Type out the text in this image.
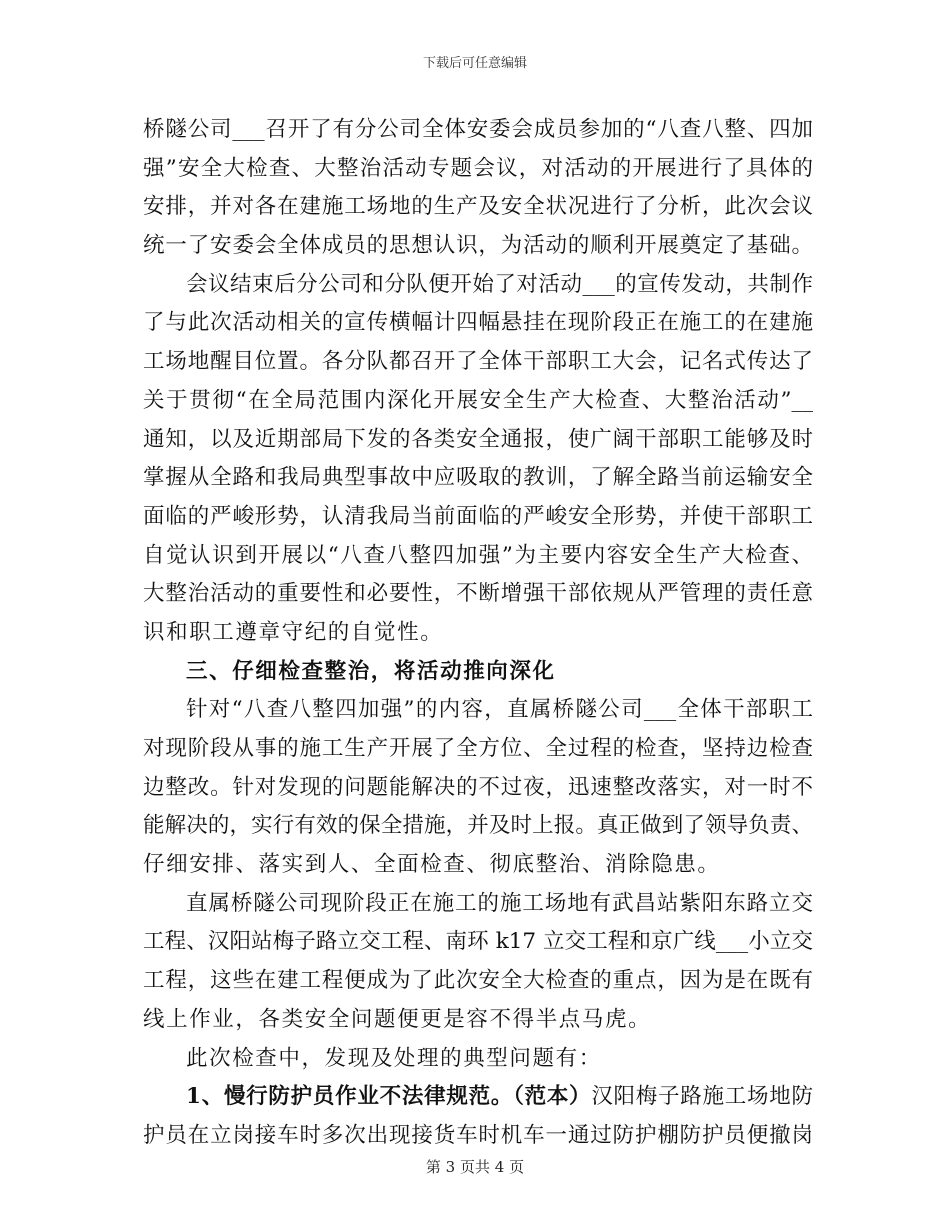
下载后可任意编辑
桥隧公司___召开了有分公司全体安委会成员参加的“八查八整、四加
强”安全大检查、大整治活动专题会议，对活动的开展进行了具体的
安排，并对各在建施工场地的生产及安全状况进行了分析，此次会议
统一了安委会全体成员的思想认识，为活动的顺利开展奠定了基础。
会议结束后分公司和分队便开始了对活动___的宣传发动，共制作
了与此次活动相关的宣传横幅计四幅悬挂在现阶段正在施工的在建施
工场地醒目位置。各分队都召开了全体干部职工大会，记名式传达了
关于贯彻“在全局范围内深化开展安全生产大检查、大整治活动”__
通知，以及近期部局下发的各类安全通报，使广阔干部职工能够及时
掌握从全路和我局典型事故中应吸取的教训，了解全路当前运输安全
面临的严峻形势，认清我局当前面临的严峻安全形势，并使干部职工
自觉认识到开展以“八查八整四加强”为主要内容安全生产大检查、
大整治活动的重要性和必要性，不断增强干部依规从严管理的责任意
识和职工遵章守纪的自觉性。
三、仔细检查整治，将活动推向深化
针对“八查八整四加强”的内容，直属桥隧公司___全体干部职工
对现阶段从事的施工生产开展了全方位、全过程的检查，坚持边检查
边整改。针对发现的问题能解决的不过夜，迅速整改落实，对一时不
能解决的，实行有效的保全措施，并及时上报。真正做到了领导负责、
仔细安排、落实到人、全面检查、彻底整治、消除隐患。
直属桥隧公司现阶段正在施工的施工场地有武昌站紫阳东路立交
工程、汉阳站梅子路立交工程、南环 k17 立交工程和京广线___小立交
工程，这些在建工程便成为了此次安全大检查的重点，因为是在既有
线上作业，各类安全问题便更是容不得半点马虎。
此次检查中，发现及处理的典型问题有：
1、慢行防护员作业不法律规范。（范本）汉阳梅子路施工场地防
护员在立岗接车时多次出现接货车时机车一通过防护棚防护员便撤岗
第 3 页共 4 页
